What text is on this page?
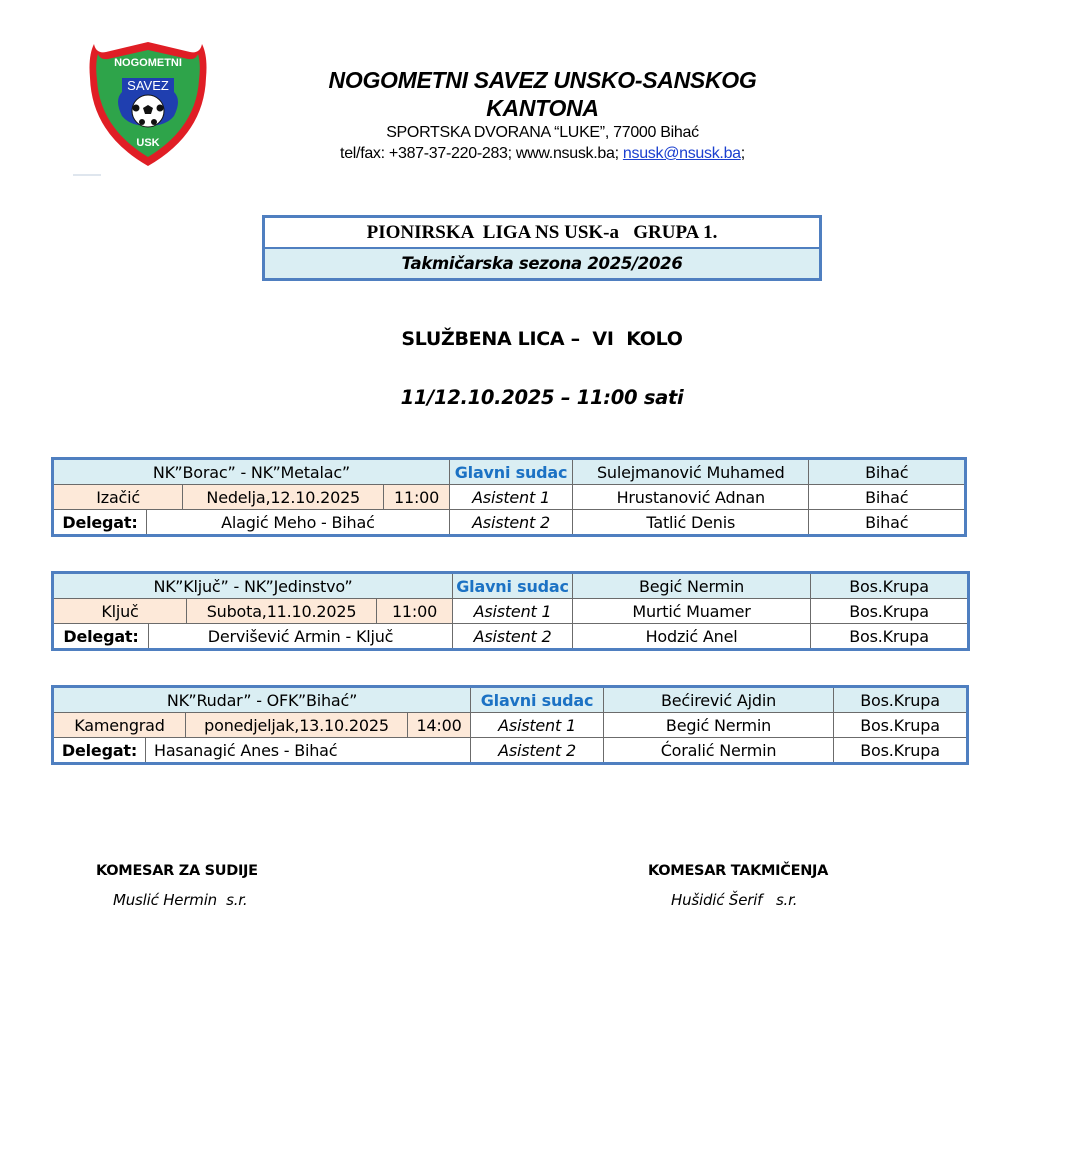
NOGOMETNI
SAVEZ
USK
NOGOMETNI SAVEZ UNSKO-SANSKOG KANTONA
SPORTSKA DVORANA “LUKE”, 77000 Bihać
tel/fax: +387-37-220-283; www.nsusk.ba; nsusk@nsusk.ba;
PIONIRSKA  LIGA NS USK-a   GRUPA 1.
Takmičarska sezona 2025/2026
SLUŽBENA LICA –  VI  KOLO
11/12.10.2025 – 11:00 sati
NK”Borac” - NK”Metalac”				Glavni sudac	Sulejmanović Muhamed	Bihać
Izačić		Nedelja,12.10.2025	11:00	Asistent 1	Hrustanović Adnan	Bihać
Delegat:	Alagić Meho - Bihać			Asistent 2	Tatlić Denis	Bihać
NK”Ključ” - NK”Jedinstvo”				Glavni sudac	Begić Nermin	Bos.Krupa
Ključ		Subota,11.10.2025	11:00	Asistent 1	Murtić Muamer	Bos.Krupa
Delegat:	Dervišević Armin - Ključ			Asistent 2	Hodzić Anel	Bos.Krupa
NK”Rudar” - OFK”Bihać”				Glavni sudac	Bećirević Ajdin	Bos.Krupa
Kamengrad		ponedjeljak,13.10.2025	14:00	Asistent 1	Begić Nermin	Bos.Krupa
Delegat:	Hasanagić Anes - Bihać			Asistent 2	Ćoralić Nermin	Bos.Krupa
KOMESAR ZA SUDIJE
Muslić Hermin  s.r.
KOMESAR TAKMIČENJA
Hušidić Šerif   s.r.
